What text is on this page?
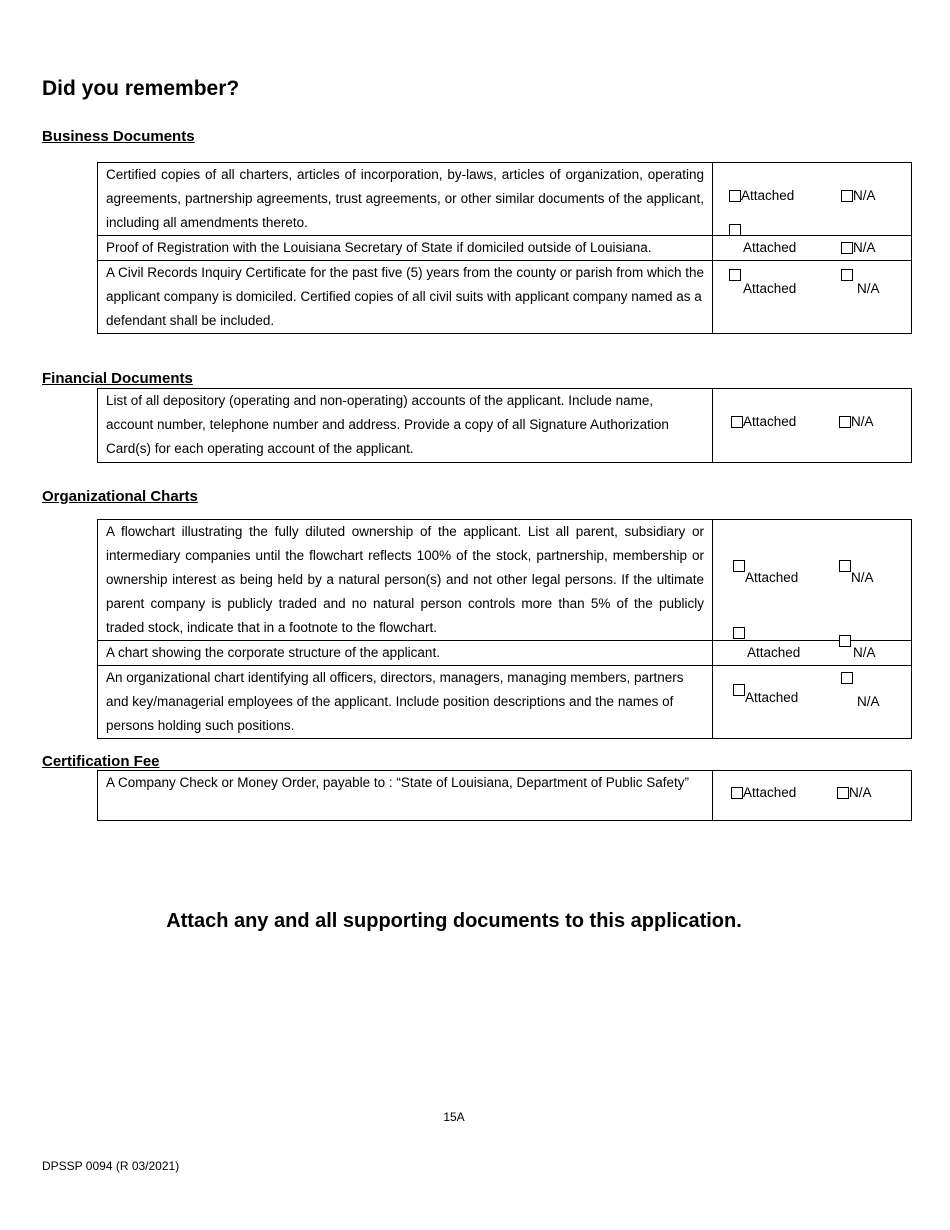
Did you remember?
Business Documents
Certified copies of all charters, articles of incorporation, by-laws, articles of organization, operating agreements, partnership agreements, trust agreements, or other similar documents of the applicant, including all amendments thereto.	Attached N/A

Proof of Registration with the Louisiana Secretary of State if domiciled outside of Louisiana.	Attached N/A

A Civil Records Inquiry Certificate for the past five (5) years from the county or parish from which the applicant company is domiciled. Certified copies of all civil suits with applicant company named as a defendant shall be included.	Attached N/A
Financial Documents
List of all depository (operating and non-operating) accounts of the applicant. Include name, account number, telephone number and address. Provide a copy of all Signature Authorization Card(s) for each operating account of the applicant.	
Attached	N/A
Organizational Charts
A flowchart illustrating the fully diluted ownership of the applicant. List all parent, subsidiary or intermediary companies until the flowchart reflects 100% of the stock, partnership, membership or ownership interest as being held by a natural person(s) and not other legal persons. If the ultimate parent company is publicly traded and no natural person controls more than 5% of the publicly traded stock, indicate that in a footnote to the flowchart.	Attached N/A

A chart showing the corporate structure of the applicant.	Attached N/A

An organizational chart identifying all officers, directors, managers, managing members, partners and key/managerial employees of the applicant. Include position descriptions and the names of persons holding such positions.	Attached N/A
Certification Fee
A Company Check or Money Order, payable to : “State of Louisiana, Department of Public Safety”	
Attached	N/A
Attach any and all supporting documents to this application.
15A
DPSSP 0094 (R 03/2021)
